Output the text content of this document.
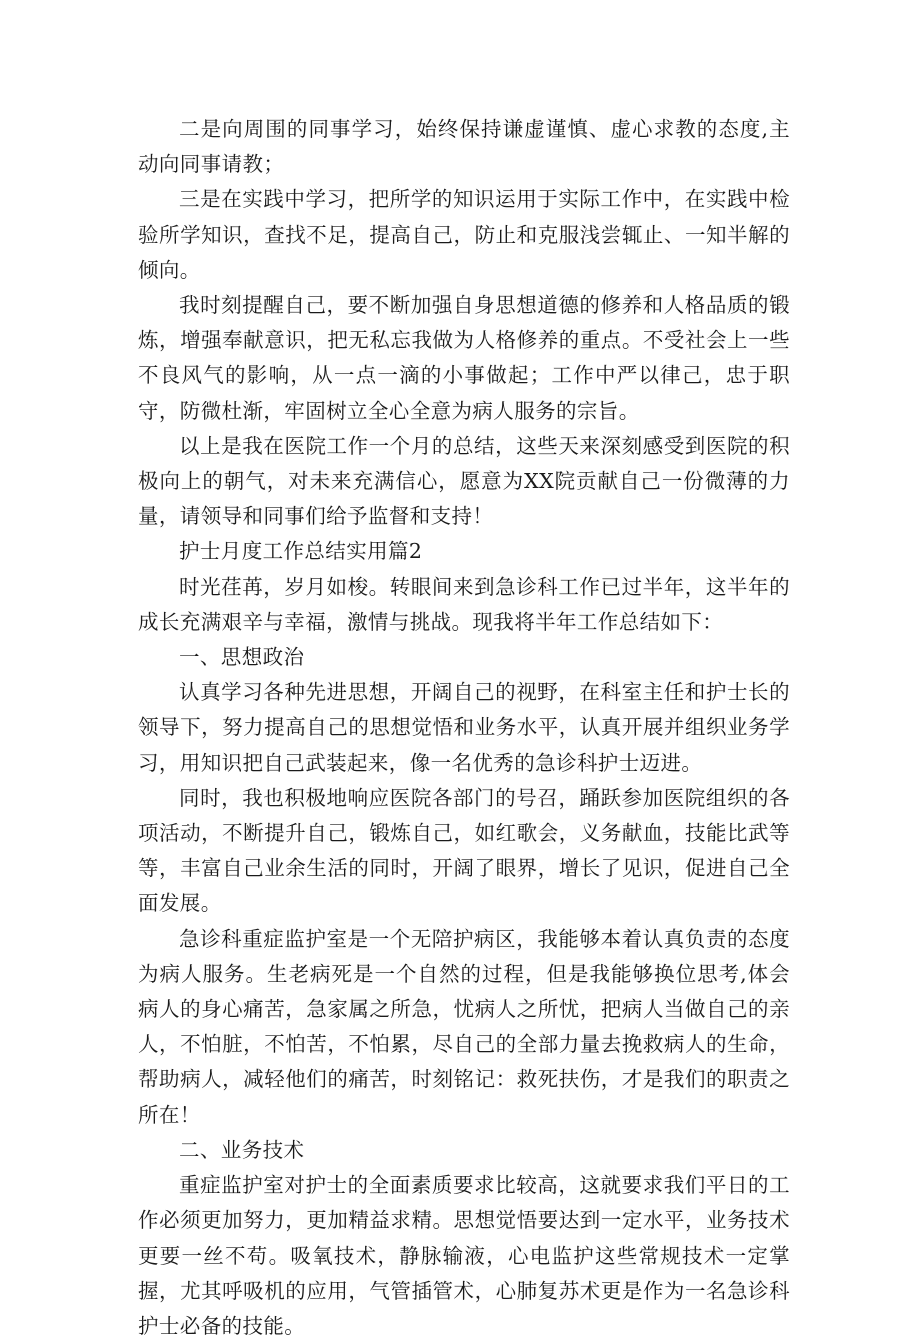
二是向周围的同事学习，始终保持谦虚谨慎、虚心求教的态度,主动向同事请教；

三是在实践中学习，把所学的知识运用于实际工作中，在实践中检验所学知识，查找不足，提高自己，防止和克服浅尝辄止、一知半解的倾向。

我时刻提醒自己，要不断加强自身思想道德的修养和人格品质的锻炼，增强奉献意识，把无私忘我做为人格修养的重点。不受社会上一些不良风气的影响，从一点一滴的小事做起；工作中严以律己，忠于职守，防微杜渐，牢固树立全心全意为病人服务的宗旨。

以上是我在医院工作一个月的总结，这些天来深刻感受到医院的积极向上的朝气，对未来充满信心，愿意为XX院贡献自己一份微薄的力量，请领导和同事们给予监督和支持！

护士月度工作总结实用篇2

时光荏苒，岁月如梭。转眼间来到急诊科工作已过半年，这半年的成长充满艰辛与幸福，激情与挑战。现我将半年工作总结如下：

一、思想政治

认真学习各种先进思想，开阔自己的视野，在科室主任和护士长的领导下，努力提高自己的思想觉悟和业务水平，认真开展并组织业务学习，用知识把自己武装起来，像一名优秀的急诊科护士迈进。

同时，我也积极地响应医院各部门的号召，踊跃参加医院组织的各项活动，不断提升自己，锻炼自己，如红歌会，义务献血，技能比武等等，丰富自己业余生活的同时，开阔了眼界，增长了见识，促进自己全面发展。

急诊科重症监护室是一个无陪护病区，我能够本着认真负责的态度为病人服务。生老病死是一个自然的过程，但是我能够换位思考,体会病人的身心痛苦，急家属之所急，忧病人之所忧，把病人当做自己的亲人，不怕脏，不怕苦，不怕累，尽自己的全部力量去挽救病人的生命，帮助病人，减轻他们的痛苦，时刻铭记：救死扶伤，才是我们的职责之所在！

二、业务技术

重症监护室对护士的全面素质要求比较高，这就要求我们平日的工作必须更加努力，更加精益求精。思想觉悟要达到一定水平，业务技术更要一丝不苟。吸氧技术，静脉输液，心电监护这些常规技术一定掌握，尤其呼吸机的应用，气管插管术，心肺复苏术更是作为一名急诊科护士必备的技能。
